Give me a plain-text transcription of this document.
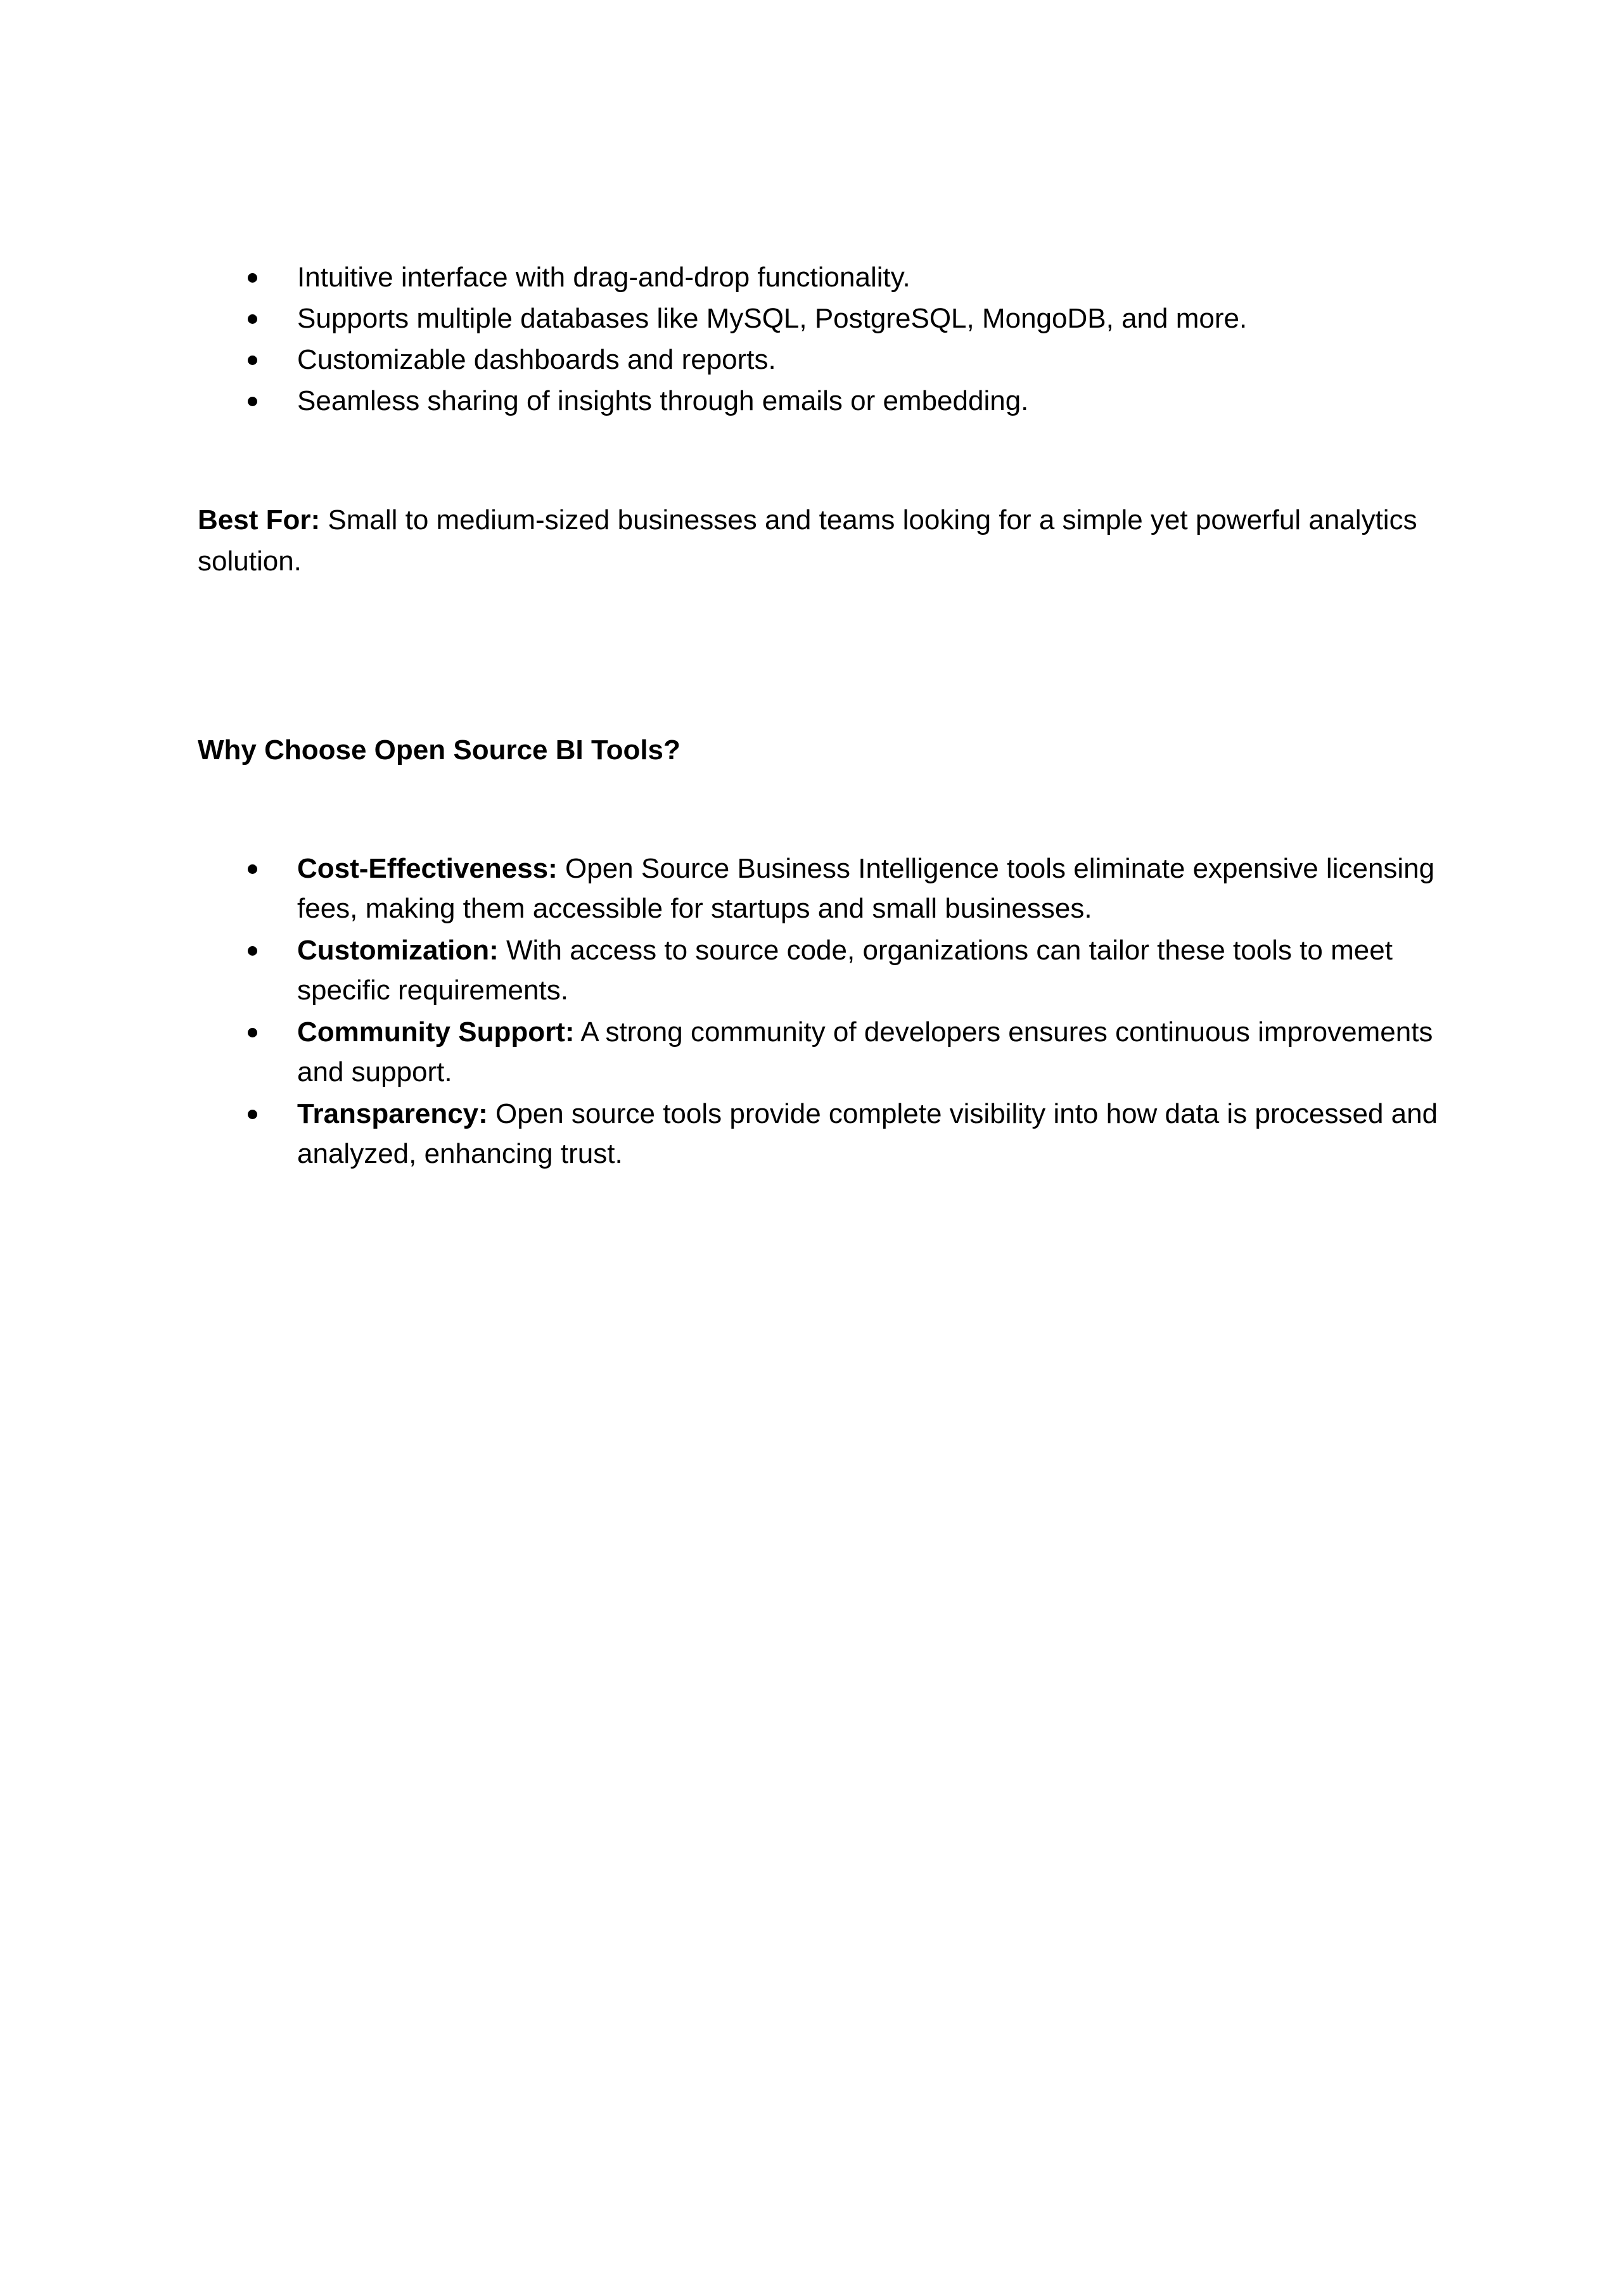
Intuitive interface with drag-and-drop functionality.
Supports multiple databases like MySQL, PostgreSQL, MongoDB, and more.
Customizable dashboards and reports.
Seamless sharing of insights through emails or embedding.

Best For: Small to medium-sized businesses and teams looking for a simple yet powerful analytics solution.

Why Choose Open Source BI Tools?
Cost-Effectiveness: Open Source Business Intelligence tools eliminate expensive licensing fees, making them accessible for startups and small businesses.
Customization: With access to source code, organizations can tailor these tools to meet specific requirements.
Community Support: A strong community of developers ensures continuous improvements and support.
Transparency: Open source tools provide complete visibility into how data is processed and analyzed, enhancing trust.
